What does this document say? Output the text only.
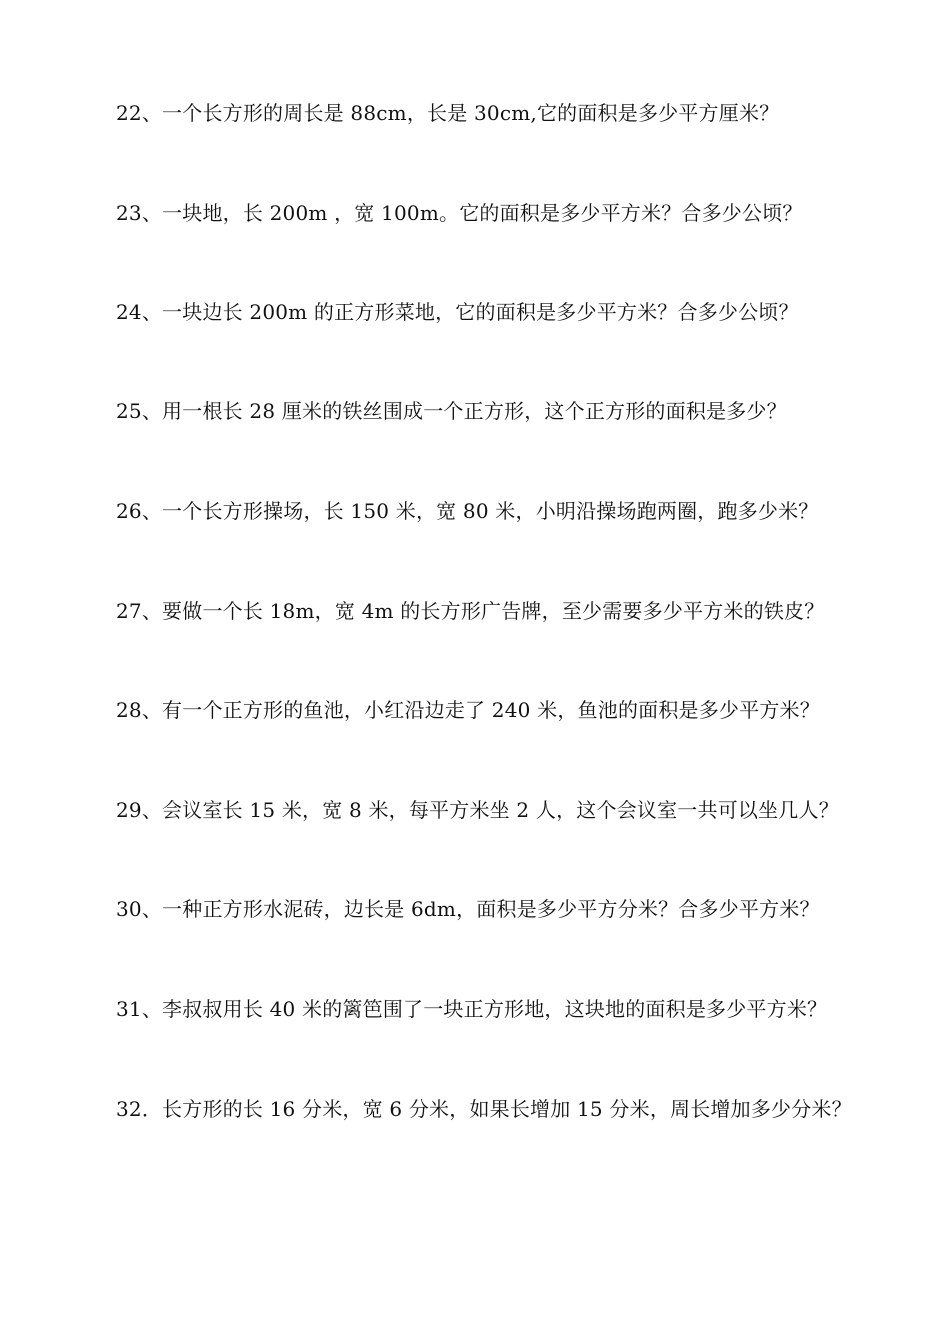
22、一个长方形的周长是 88cm，长是 30cm,它的面积是多少平方厘米？
23、一块地，长 200m ，宽 100m。它的面积是多少平方米？合多少公顷？
24、一块边长 200m 的正方形菜地，它的面积是多少平方米？合多少公顷？
25、用一根长 28 厘米的铁丝围成一个正方形，这个正方形的面积是多少？
26、一个长方形操场，长 150 米，宽 80 米，小明沿操场跑两圈，跑多少米？
27、要做一个长 18m，宽 4m 的长方形广告牌，至少需要多少平方米的铁皮？
28、有一个正方形的鱼池，小红沿边走了 240 米，鱼池的面积是多少平方米？
29、会议室长 15 米，宽 8 米，每平方米坐 2 人，这个会议室一共可以坐几人？
30、一种正方形水泥砖，边长是 6dm，面积是多少平方分米？合多少平方米？
31、李叔叔用长 40 米的篱笆围了一块正方形地，这块地的面积是多少平方米？
32．长方形的长 16 分米，宽 6 分米，如果长增加 15 分米，周长增加多少分米？
